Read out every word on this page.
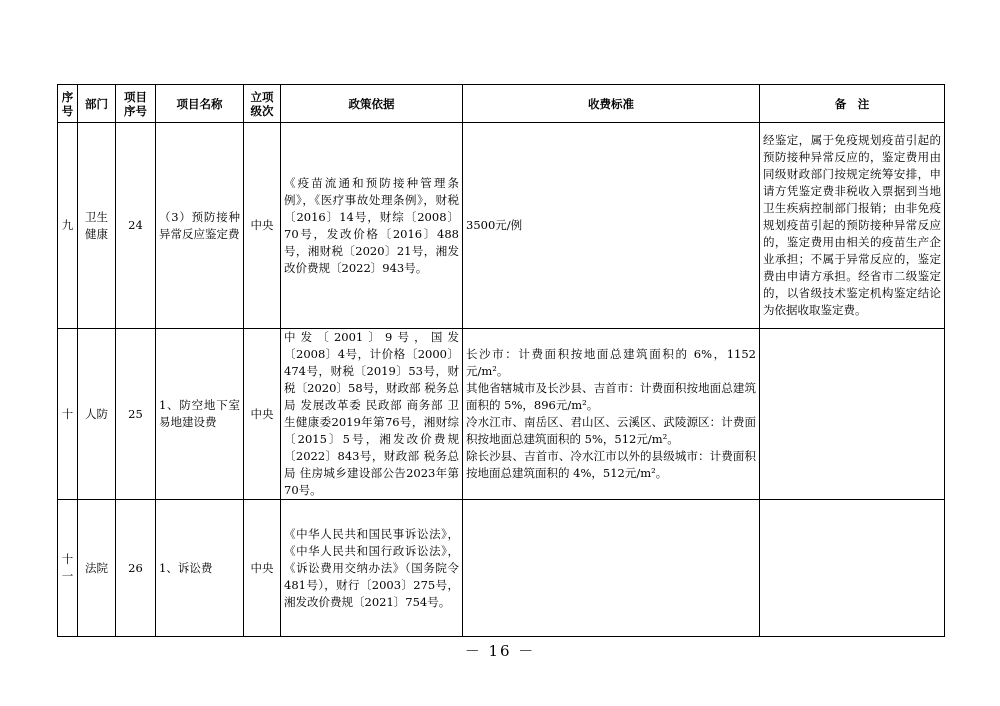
序号	部门	项目序号	项目名称	立项级次	政策依据	收费标准	备　注
九	卫生健康	24	（3）预防接种异常反应鉴定费	中央	《疫苗流通和预防接种管理条例》，《医疗事故处理条例》，财税〔2016〕14号，财综〔2008〕70号，发改价格〔2016〕488号，湘财税〔2020〕21号，湘发改价费规〔2022〕943号。	3500元/例	经鉴定，属于免疫规划疫苗引起的预防接种异常反应的，鉴定费用由同级财政部门按规定统筹安排，申请方凭鉴定费非税收入票据到当地卫生疾病控制部门报销；由非免疫规划疫苗引起的预防接种异常反应的，鉴定费用由相关的疫苗生产企业承担；不属于异常反应的，鉴定费由申请方承担。经省市二级鉴定的，以省级技术鉴定机构鉴定结论为依据收取鉴定费。
十	人防	25	1、防空地下室易地建设费	中央	中发〔2001〕9号，国发〔2008〕4号，计价格〔2000〕474号，财税〔2019〕53号，财税〔2020〕58号，财政部 税务总局 发展改革委 民政部 商务部 卫生健康委2019年第76号，湘财综〔2015〕5号，湘发改价费规〔2022〕843号，财政部 税务总局 住房城乡建设部公告2023年第70号。	长沙市：计费面积按地面总建筑面积的 6%，1152元/m²。
其他省辖城市及长沙县、吉首市：计费面积按地面总建筑面积的 5%，896元/m²。
冷水江市、南岳区、君山区、云溪区、武陵源区：计费面积按地面总建筑面积的 5%，512元/m²。
除长沙县、吉首市、冷水江市以外的县级城市：计费面积按地面总建筑面积的 4%，512元/m²。	

十一	法院	26	1、诉讼费	中央	《中华人民共和国民事诉讼法》，《中华人民共和国行政诉讼法》，《诉讼费用交纳办法》（国务院令481号），财行〔2003〕275号，湘发改价费规〔2021〕754号。		
－ 16 －
